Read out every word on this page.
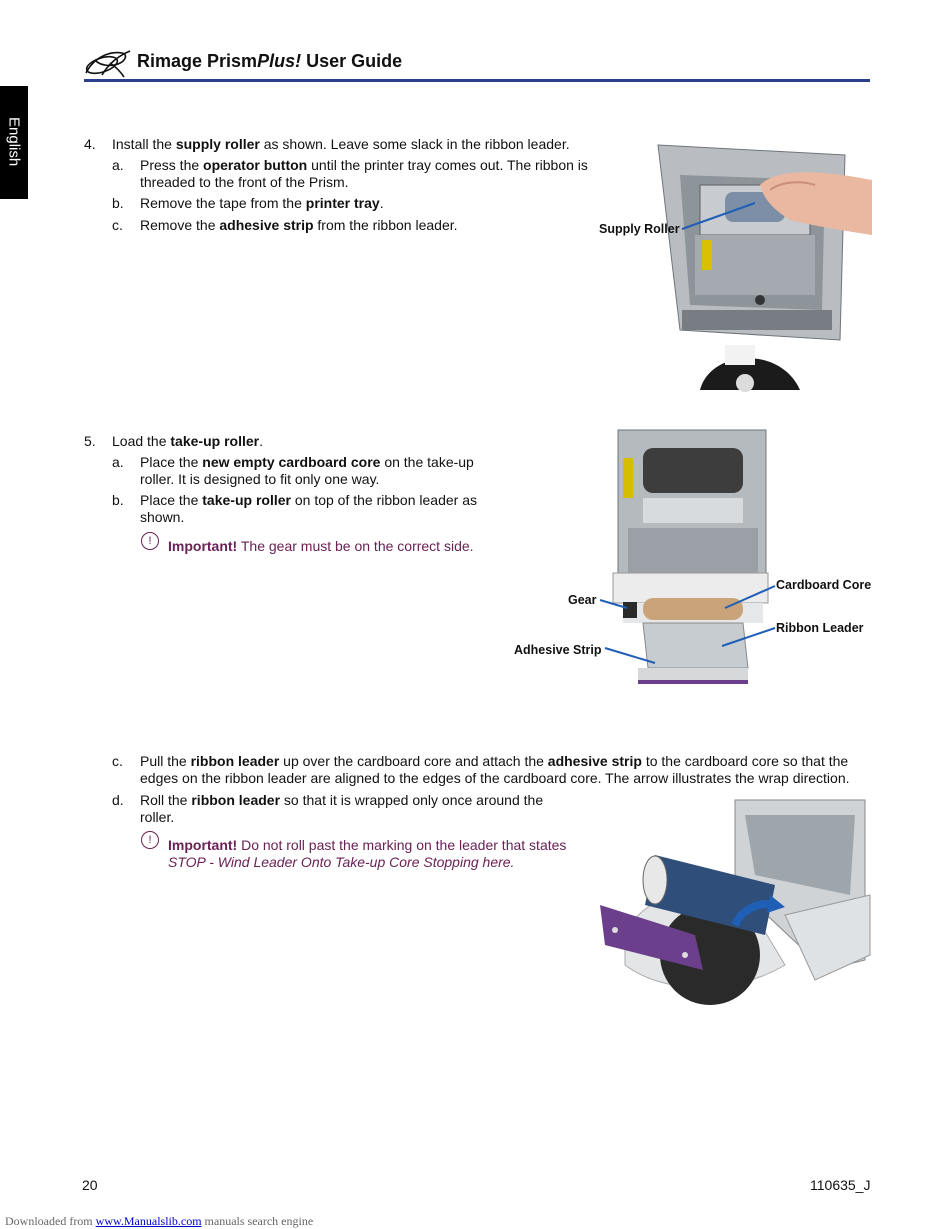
English
Rimage PrismPlus! User Guide
4. Install the supply roller as shown. Leave some slack in the ribbon leader.
a. Press the operator button until the printer tray comes out. The ribbon is
threaded to the front of the Prism.
b. Remove the tape from the printer tray.
c. Remove the adhesive strip from the ribbon leader.	Supply Roller
5. Load the take-up roller.
a. Place the new empty cardboard core on the take-up
roller. It is designed to fit only one way.
b. Place the take-up roller on top of the ribbon leader as
shown.
!	Important! The gear must be on the correct side.
Cardboard Core
Gear
Ribbon Leader
Adhesive Strip
c. Pull the ribbon leader up over the cardboard core and attach the adhesive strip to the cardboard core so that the
edges on the ribbon leader are aligned to the edges of the cardboard core. The arrow illustrates the wrap direction.
d. Roll the ribbon leader so that it is wrapped only once around the
roller.
!	Important! Do not roll past the marking on the leader that states
STOP - Wind Leader Onto Take-up Core Stopping here.
20	110635_J
Downloaded from www.Manualslib.com manuals search engine
